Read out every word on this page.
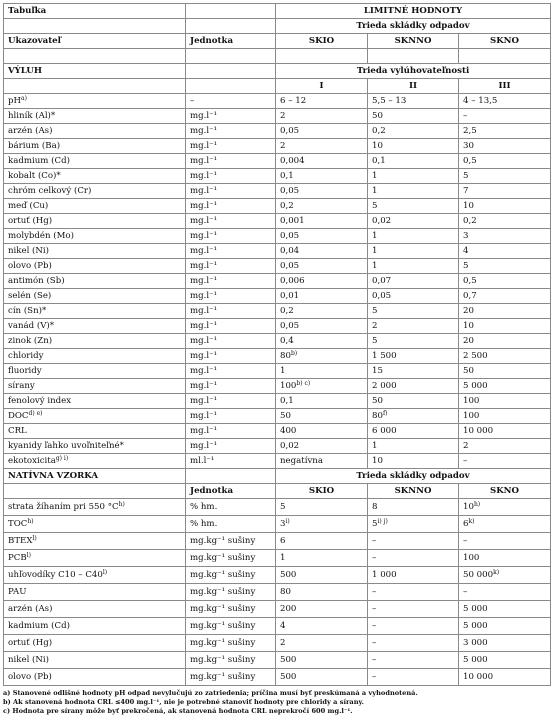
Tabuľka		LIMITNÉ HODNOTY		
		Trieda skládky odpadov		
Ukazovateľ	Jednotka	SKIO	SKNNO	SKNO

VÝLUH		Trieda vylúhovateľnosti		
		I	II	III
$pH^{a)}$	–	6 – 12	5,5 – 13	4 – 13,5
hliník (Al)*	mg.l⁻¹	2	50	–
arzén (As)	mg.l⁻¹	0,05	0,2	2,5
bárium (Ba)	mg.l⁻¹	2	10	30
kadmium (Cd)	mg.l⁻¹	0,004	0,1	0,5
kobalt (Co)*	mg.l⁻¹	0,1	1	5
chróm celkový (Cr)	mg.l⁻¹	0,05	1	7
meď (Cu)	mg.l⁻¹	0,2	5	10
ortuť (Hg)	mg.l⁻¹	0,001	0,02	0,2
molybdén (Mo)	mg.l⁻¹	0,05	1	3
nikel (Ni)	mg.l⁻¹	0,04	1	4
olovo (Pb)	mg.l⁻¹	0,05	1	5
antimón (Sb)	mg.l⁻¹	0,006	0,07	0,5
selén (Se)	mg.l⁻¹	0,01	0,05	0,7
cín (Sn)*	mg.l⁻¹	0,2	5	20
vanád (V)*	mg.l⁻¹	0,05	2	10
zinok (Zn)	mg.l⁻¹	0,4	5	20
chloridy	mg.l⁻¹	80$^{b)}$	1 500	2 500
fluoridy	mg.l⁻¹	1	15	50
sírany	mg.l⁻¹	$100^{b) c)}$	2 000	5 000
fenolový index	mg.l⁻¹	0,1	50	100
$DOC^{d) e)}$	mg.l⁻¹	50	80$^{f)}$	100
CRL	mg.l⁻¹	400	6 000	10 000
kyanidy ľahko uvoľniteľné*	mg.l⁻¹	0,02	1	2
ekotoxicita$^{g) i)}$	ml.l⁻¹	negatívna	10	–
NATÍVNA VZORKA		Trieda skládky odpadov		
	Jednotka	SKIO	SKNNO	SKNO
strata žíhaním pri 550 $^\circ C^{h)}$	% hm.	5	8	10$^{h)}$
TOC$^{h)}$	% hm.	3$^{i)}$	$5^{i) j)}$	6$^{k)}$
BTEX$^{l)}$	mg.kg⁻¹ sušiny	6	–	–
PCB$^{l)}$	mg.kg⁻¹ sušiny	1	–	100
uhľovodíky C10 – C40$^{l)}$	mg.kg⁻¹ sušiny	500	1 000	50 000$^{k)}$
PAU	mg.kg⁻¹ sušiny	80	–	–
arzén (As)	mg.kg⁻¹ sušiny	200	–	5 000
kadmium (Cd)	mg.kg⁻¹ sušiny	4	–	5 000
ortuť (Hg)	mg.kg⁻¹ sušiny	2	–	3 000
nikel (Ni)	mg.kg⁻¹ sušiny	500	–	5 000
olovo (Pb)	mg.kg⁻¹ sušiny	500	–	10 000

a) Stanovené odlišné hodnoty pH odpad nevylučujú zo zatriedenia; príčina musí byť preskúmaná a vyhodnotená.

b) Ak stanovená hodnota CRL ≤400 mg.l⁻¹, nie je potrebné stanoviť hodnoty pre chloridy a sírany.

c) Hodnota pre sírany môže byť prekročená, ak stanovená hodnota CRL neprekročí 600 mg.l⁻¹.
